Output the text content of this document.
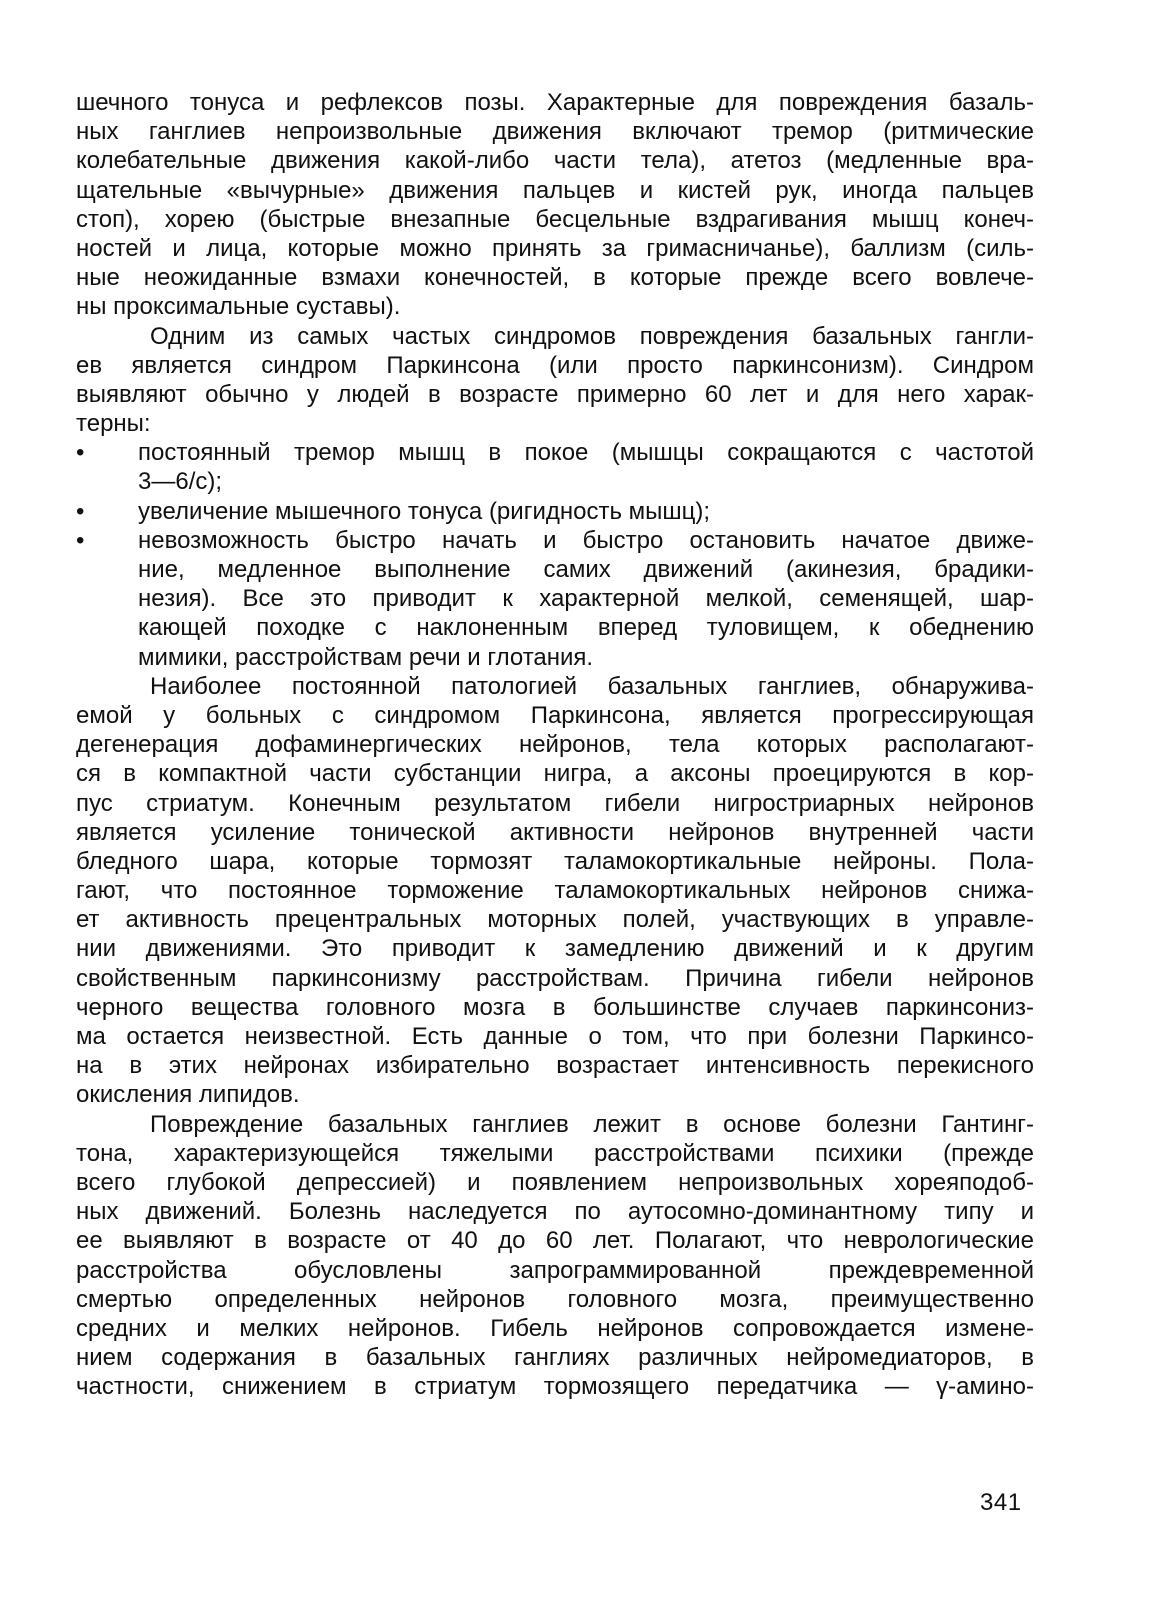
шечного тонуса и рефлексов позы. Характерные для повреждения базаль-
ных ганглиев непроизвольные движения включают тремор (ритмические
колебательные движения какой-либо части тела), атетоз (медленные вра-
щательные «вычурные» движения пальцев и кистей рук, иногда пальцев
стоп), хорею (быстрые внезапные бесцельные вздрагивания мышц конеч-
ностей и лица, которые можно принять за гримасничанье), баллизм (силь-
ные неожиданные взмахи конечностей, в которые прежде всего вовлече-
ны проксимальные суставы).
Одним из самых частых синдромов повреждения базальных гангли-
ев является синдром Паркинсона (или просто паркинсонизм). Синдром
выявляют обычно у людей в возрасте примерно 60 лет и для него харак-
терны:
• постоянный тремор мышц в покое (мышцы сокращаются с частотой
3—6/с);
• увеличение мышечного тонуса (ригидность мышц);
• невозможность быстро начать и быстро остановить начатое движе-
ние, медленное выполнение самих движений (акинезия, брадики-
незия). Все это приводит к характерной мелкой, семенящей, шар-
кающей походке с наклоненным вперед туловищем, к обеднению
мимики, расстройствам речи и глотания.
Наиболее постоянной патологией базальных ганглиев, обнаружива-
емой у больных с синдромом Паркинсона, является прогрессирующая
дегенерация дофаминергических нейронов, тела которых располагают-
ся в компактной части субстанции нигра, а аксоны проецируются в кор-
пус стриатум. Конечным результатом гибели нигростриарных нейронов
является усиление тонической активности нейронов внутренней части
бледного шара, которые тормозят таламокортикальные нейроны. Пола-
гают, что постоянное торможение таламокортикальных нейронов снижа-
ет активность прецентральных моторных полей, участвующих в управле-
нии движениями. Это приводит к замедлению движений и к другим
свойственным паркинсонизму расстройствам. Причина гибели нейронов
черного вещества головного мозга в большинстве случаев паркинсониз-
ма остается неизвестной. Есть данные о том, что при болезни Паркинсо-
на в этих нейронах избирательно возрастает интенсивность перекисного
окисления липидов.
Повреждение базальных ганглиев лежит в основе болезни Гантинг-
тона, характеризующейся тяжелыми расстройствами психики (прежде
всего глубокой депрессией) и появлением непроизвольных хореяподоб-
ных движений. Болезнь наследуется по аутосомно-доминантному типу и
ее выявляют в возрасте от 40 до 60 лет. Полагают, что неврологические
расстройства обусловлены запрограммированной преждевременной
смертью определенных нейронов головного мозга, преимущественно
средних и мелких нейронов. Гибель нейронов сопровождается измене-
нием содержания в базальных ганглиях различных нейромедиаторов, в
частности, снижением в стриатум тормозящего передатчика — γ-амино-
341
